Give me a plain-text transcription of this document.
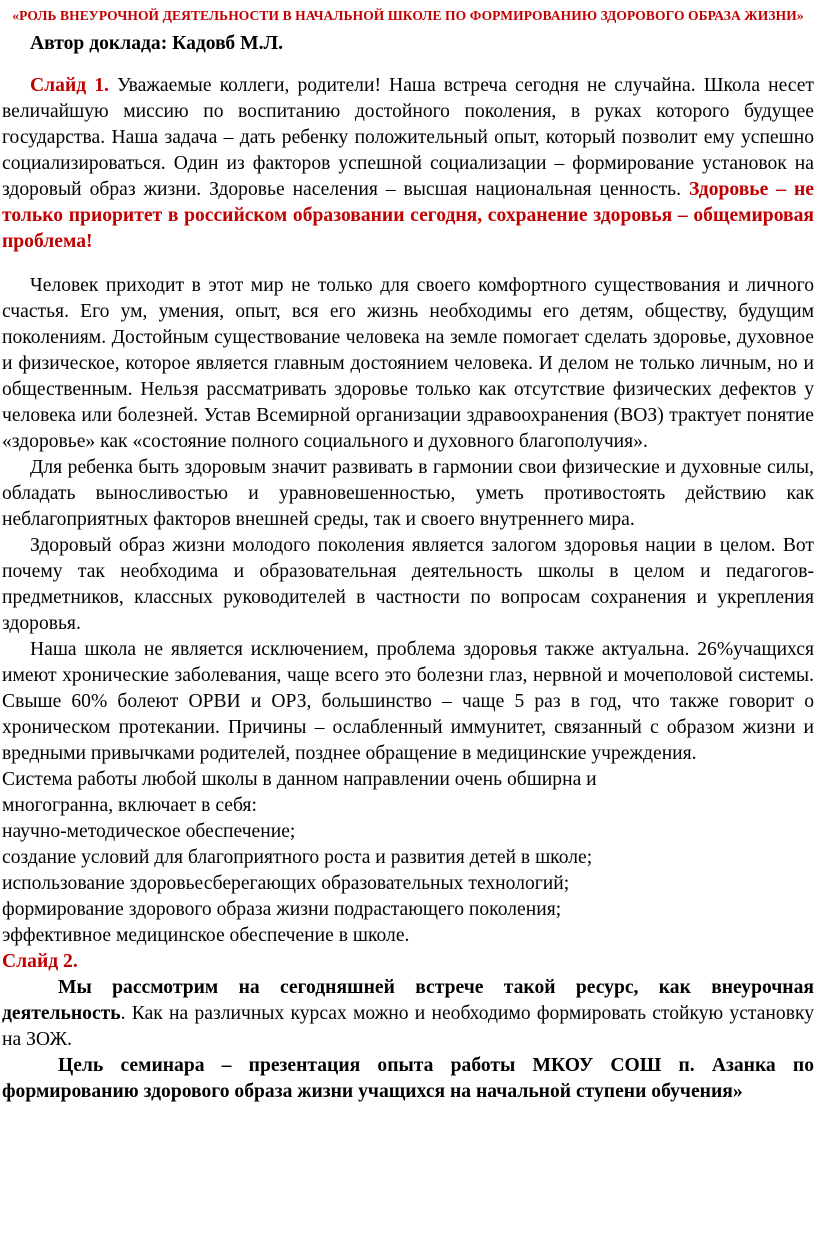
«РОЛЬ ВНЕУРОЧНОЙ ДЕЯТЕЛЬНОСТИ В НАЧАЛЬНОЙ ШКОЛЕ ПО ФОРМИРОВАНИЮ ЗДОРОВОГО ОБРАЗА ЖИЗНИ»
Автор доклада: Кадовб М.Л.

Слайд 1. Уважаемые коллеги, родители! Наша встреча сегодня не случайна. Школа несет величайшую миссию по воспитанию достойного поколения, в руках которого будущее государства. Наша задача – дать ребенку положительный опыт, который позволит ему успешно социализироваться. Один из факторов успешной социализации – формирование установок на здоровый образ жизни. Здоровье населения – высшая национальная ценность. Здоровье – не только приоритет в российском образовании сегодня, сохранение здоровья – общемировая проблема!

Человек приходит в этот мир не только для своего комфортного существования и личного счастья. Его ум, умения, опыт, вся его жизнь необходимы его детям, обществу, будущим поколениям. Достойным существование человека на земле помогает сделать здоровье, духовное и физическое, которое является главным достоянием человека. И делом не только личным, но и общественным. Нельзя рассматривать здоровье только как отсутствие физических дефектов у человека или болезней. Устав Всемирной организации здравоохранения (ВОЗ) трактует понятие «здоровье» как «состояние полного социального и духовного благополучия».

Для ребенка быть здоровым значит развивать в гармонии свои физические и духовные силы, обладать выносливостью и уравновешенностью, уметь противостоять действию как неблагоприятных факторов внешней среды, так и своего внутреннего мира.

Здоровый образ жизни молодого поколения является залогом здоровья нации в целом. Вот почему так необходима и образовательная деятельность школы в целом и педагогов-предметников, классных руководителей в частности по вопросам сохранения и укрепления здоровья.

Наша школа не является исключением, проблема здоровья также актуальна. 26%учащихся имеют хронические заболевания, чаще всего это болезни глаз, нервной и мочеполовой системы. Свыше 60% болеют ОРВИ и ОРЗ, большинство – чаще 5 раз в год, что также говорит о хроническом протекании. Причины – ослабленный иммунитет, связанный с образом жизни и вредными привычками родителей, позднее обращение в медицинские учреждения.

Система работы любой школы в данном направлении очень обширна и
многогранна, включает в себя:
научно-методическое обеспечение;
создание условий для благоприятного роста и развития детей в школе;
использование здоровьесберегающих образовательных технологий;
формирование здорового образа жизни подрастающего поколения;
эффективное медицинское обеспечение в школе.
Слайд 2.

Мы рассмотрим на сегодняшней встрече такой ресурс, как внеурочная деятельность. Как на различных курсах можно и необходимо формировать стойкую установку на ЗОЖ.

Цель семинара – презентация опыта работы МКОУ СОШ п. Азанка по формированию здорового образа жизни учащихся на начальной ступени обучения»
